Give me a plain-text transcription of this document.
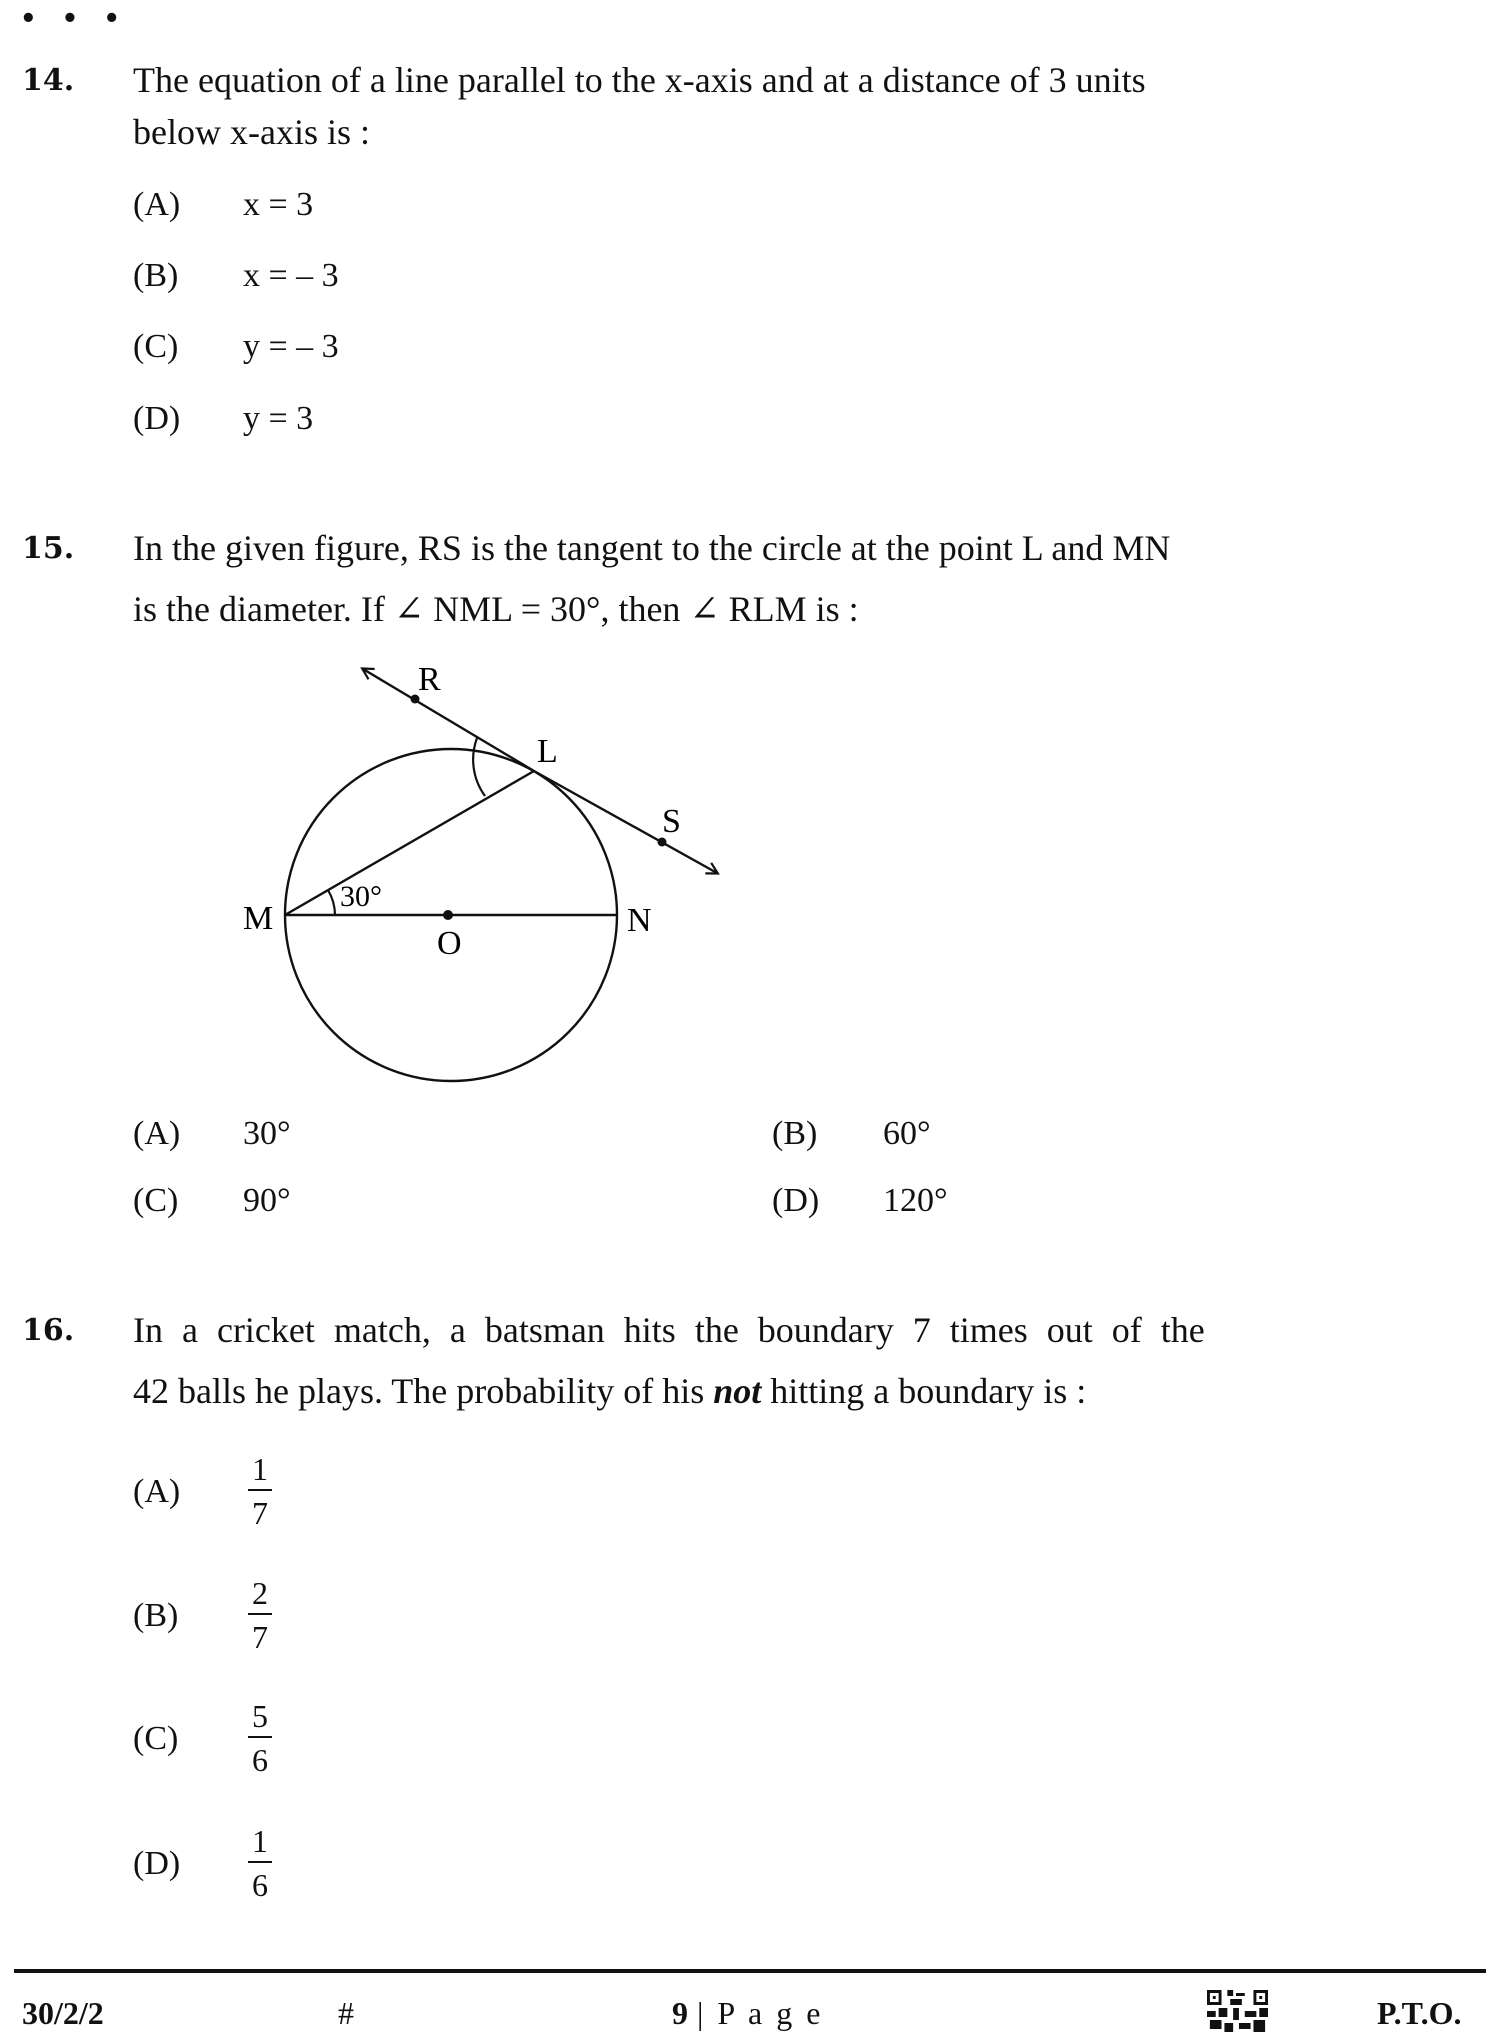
• • •
14. The equation of a line parallel to the x-axis and at a distance of 3 units
below x-axis is :
(A) x = 3
(B) x = – 3
(C) y = – 3
(D) y = 3
15. In the given figure, RS is the tangent to the circle at the point L and MN
is the diameter. If ∠ NML = 30°, then ∠ RLM is :
R
L
S
M	N
O
30°
(A) 30°	(B) 60°
(C) 90°	(D) 120°
16. In a cricket match, a batsman hits the boundary 7 times out of the
42 balls he plays. The probability of his not hitting a boundary is :
(A)
1
7
(B)
2
7
(C)
5
6
(D)
1
6
30/2/2	#	9 | P a g e	P.T.O.
